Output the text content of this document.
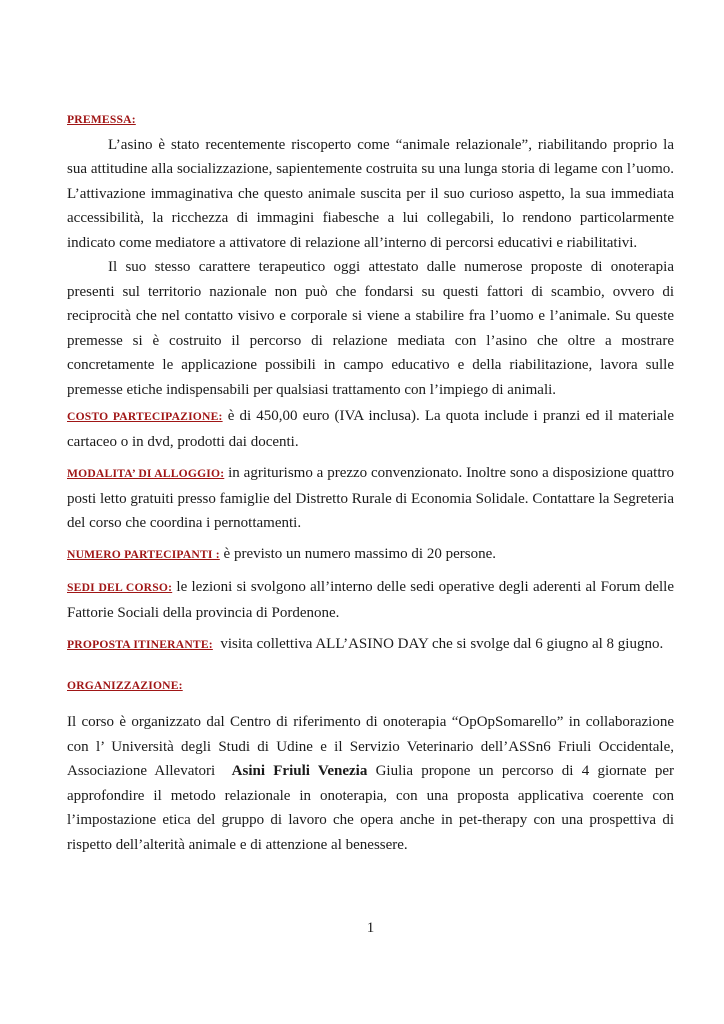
PREMESSA:

L’asino è stato recentemente riscoperto come “animale relazionale”, riabilitando proprio la sua attitudine alla socializzazione, sapientemente costruita su una lunga storia di legame con l’uomo. L’attivazione immaginativa che questo animale suscita per il suo curioso aspetto, la sua immediata accessibilità, la ricchezza di immagini fiabesche a lui collegabili, lo rendono particolarmente indicato come mediatore a attivatore di relazione all’interno di percorsi educativi e riabilitativi.

Il suo stesso carattere terapeutico oggi attestato dalle numerose proposte di onoterapia presenti sul territorio nazionale non può che fondarsi su questi fattori di scambio, ovvero di reciprocità che nel contatto visivo e corporale si viene a stabilire fra l’uomo e l’animale. Su queste premesse si è costruito il percorso di relazione mediata con l’asino che oltre a mostrare concretamente le applicazione possibili in campo educativo e della riabilitazione, lavora sulle premesse etiche indispensabili per qualsiasi trattamento con l’impiego di animali.

COSTO PARTECIPAZIONE: è di 450,00 euro (IVA inclusa). La quota include i pranzi ed il materiale cartaceo o in dvd, prodotti dai docenti.

MODALITA’ DI ALLOGGIO: in agriturismo a prezzo convenzionato. Inoltre sono a disposizione quattro posti letto gratuiti presso famiglie del Distretto Rurale di Economia Solidale. Contattare la Segreteria del corso che coordina i pernottamenti.

NUMERO PARTECIPANTI : è previsto un numero massimo di 20 persone.

SEDI DEL CORSO: le lezioni si svolgono all’interno delle sedi operative degli aderenti al Forum delle Fattorie Sociali della provincia di Pordenone.

PROPOSTA ITINERANTE:  visita collettiva ALL’ASINO DAY che si svolge dal 6 giugno al 8 giugno.

ORGANIZZAZIONE:

Il corso è organizzato dal Centro di riferimento di onoterapia “OpOpSomarello” in collaborazione con l’ Università degli Studi di Udine e il Servizio Veterinario dell’ASSn6 Friuli Occidentale, Associazione Allevatori  Asini Friuli Venezia Giulia propone un percorso di 4 giornate per approfondire il metodo relazionale in onoterapia, con una proposta applicativa coerente con l’impostazione etica del gruppo di lavoro che opera anche in pet-therapy con una prospettiva di rispetto dell’alterità animale e di attenzione al benessere.

1
